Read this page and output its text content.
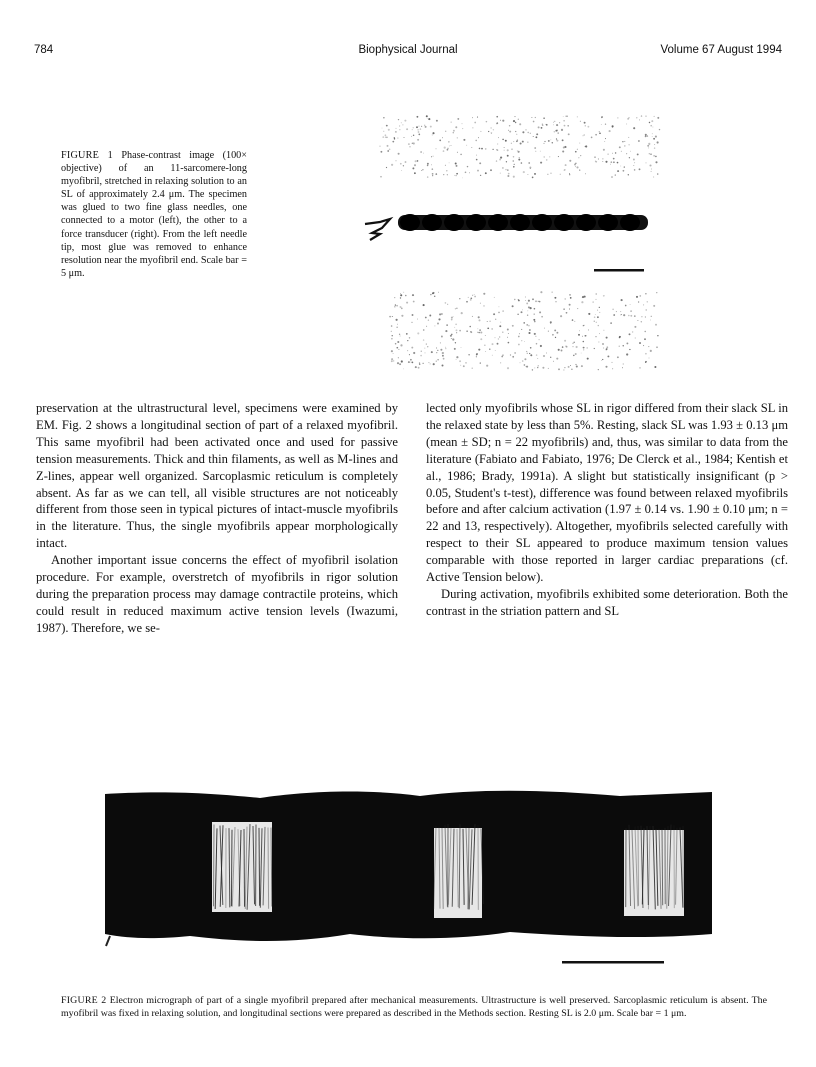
784	Biophysical Journal	Volume 67 August 1994
FIGURE 1 Phase-contrast image (100× objective) of an 11-sarcomere-long myofibril, stretched in relaxing solution to an SL of approximately 2.4 μm. The specimen was glued to two fine glass needles, one connected to a motor (left), the other to a force transducer (right). From the left needle tip, most glue was removed to enhance resolution near the myofibril end. Scale bar = 5 μm.

preservation at the ultrastructural level, specimens were examined by EM. Fig. 2 shows a longitudinal section of part of a relaxed myofibril. This same myofibril had been activated once and used for passive tension measurements. Thick and thin filaments, as well as M-lines and Z-lines, appear well organized. Sarcoplasmic reticulum is completely absent. As far as we can tell, all visible structures are not noticeably different from those seen in typical pictures of intact-muscle myofibrils in the literature. Thus, the single myofibrils appear morphologically intact.

Another important issue concerns the effect of myofibril isolation procedure. For example, overstretch of myofibrils in rigor solution during the preparation process may damage contractile proteins, which could result in reduced maximum active tension levels (Iwazumi, 1987). Therefore, we se-

lected only myofibrils whose SL in rigor differed from their slack SL in the relaxed state by less than 5%. Resting, slack SL was 1.93 ± 0.13 μm (mean ± SD; n = 22 myofibrils) and, thus, was similar to data from the literature (Fabiato and Fabiato, 1976; De Clerck et al., 1984; Kentish et al., 1986; Brady, 1991a). A slight but statistically insignificant (p > 0.05, Student's t-test), difference was found between relaxed myofibrils before and after calcium activation (1.97 ± 0.14 vs. 1.90 ± 0.10 μm; n = 22 and 13, respectively). Altogether, myofibrils selected carefully with respect to their SL appeared to produce maximum tension values comparable with those reported in larger cardiac preparations (cf. Active Tension below).

During activation, myofibrils exhibited some deterioration. Both the contrast in the striation pattern and SL

FIGURE 2 Electron micrograph of part of a single myofibril prepared after mechanical measurements. Ultrastructure is well preserved. Sarcoplasmic reticulum is absent. The myofibril was fixed in relaxing solution, and longitudinal sections were prepared as described in the Methods section. Resting SL is 2.0 μm. Scale bar = 1 μm.
